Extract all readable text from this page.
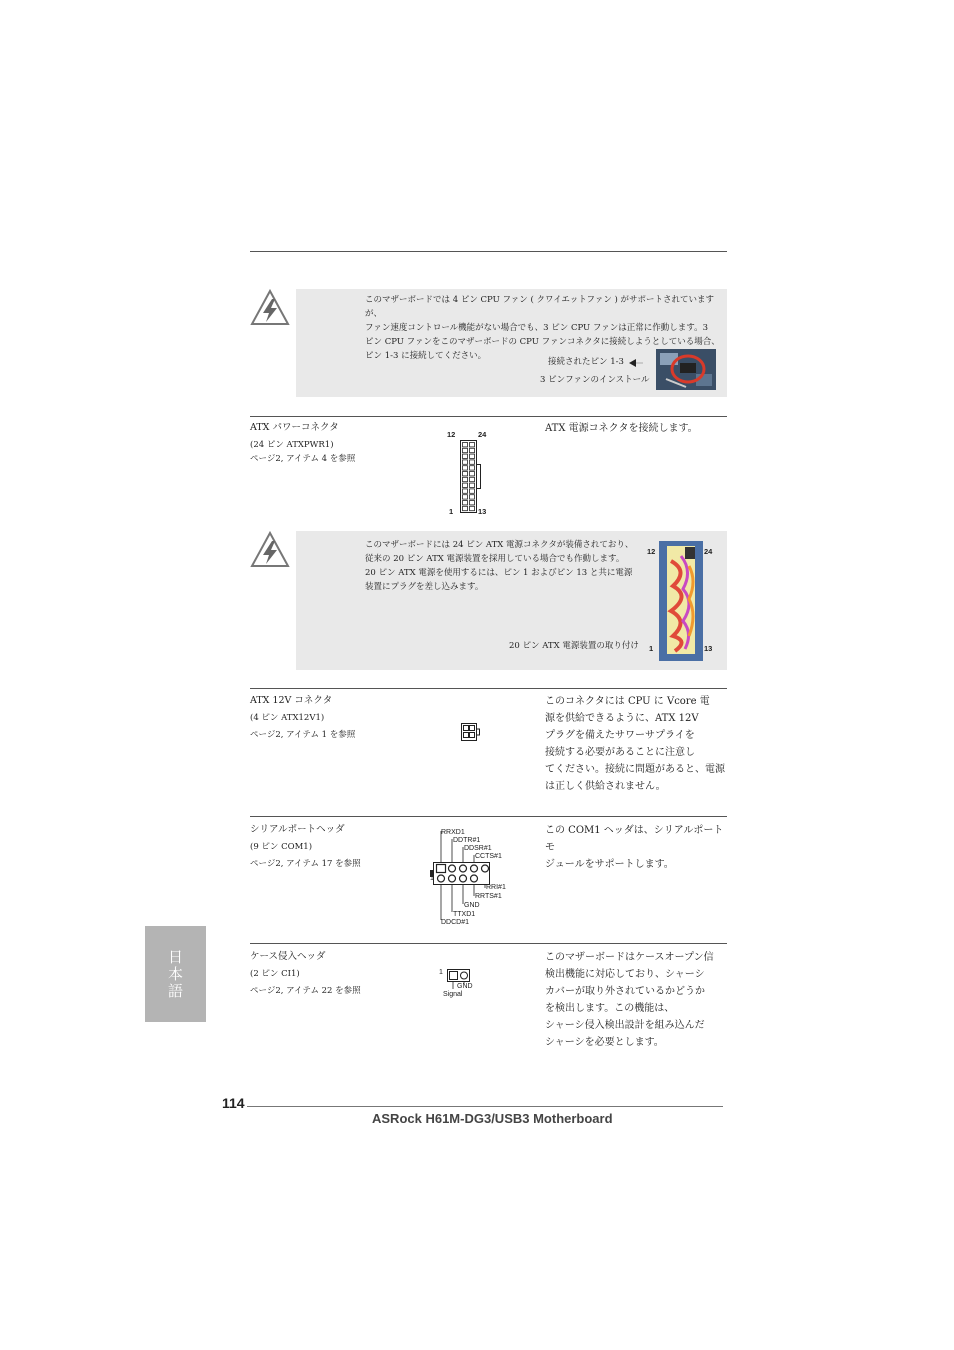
このマザーボードでは 4 ピン CPU ファン ( クワイエットファン ) がサポートされていますが、
ファン速度コントロール機能がない場合でも、3 ピン CPU ファンは正常に作動します。3
ピン CPU ファンをこのマザーボードの CPU ファンコネクタに接続しようとしている場合、
ピン 1-3 に接続してください。
接続されたピン 1-3
3 ピンファンのインストール
ATX パワーコネクタ
(24 ピン ATXPWR1)
ページ2, アイテム 4 を参照
ATX 電源コネクタを接続します。
12	24
1	13
このマザーボードには 24 ピン ATX 電源コネクタが装備されており、
従来の 20 ピン ATX 電源装置を採用している場合でも作動します。
20 ピン ATX 電源を使用するには、ピン 1 およびピン 13 と共に電源
装置にプラグを差し込みます。
20 ピン ATX 電源装置の取り付け
12	24
1	13
ATX 12V コネクタ
(4 ピン ATX12V1)
ページ2, アイテム 1 を参照
このコネクタには CPU に Vcore 電
源を供給できるように、ATX 12V
プラグを備えたサワーサプライを
接続する必要があることに注意し
てください。接続に問題があると、電源
は正しく供給されません。
シリアルポートヘッダ
(9 ピン COM1)
ページ2, アイテム 17 を参照
この COM1 ヘッダは、シリアルポートモ
ジュールをサポートします。
RRXD1
DDTR#1
DDSR#1
CCTS#1
RRI#1
RRTS#1
GND
TTXD1
DDCD#1
1
ケース侵入ヘッダ
(2 ピン CI1)
ページ2, アイテム 22 を参照
このマザーボードはケースオープン信
検出機能に対応しており、シャーシ
カバーが取り外されているかどうか
を検出します。この機能は、
シャーシ侵入検出設計を組み込んだ
シャーシを必要とします。
1
GND
Signal
日本語
114
ASRock H61M-DG3/USB3 Motherboard
